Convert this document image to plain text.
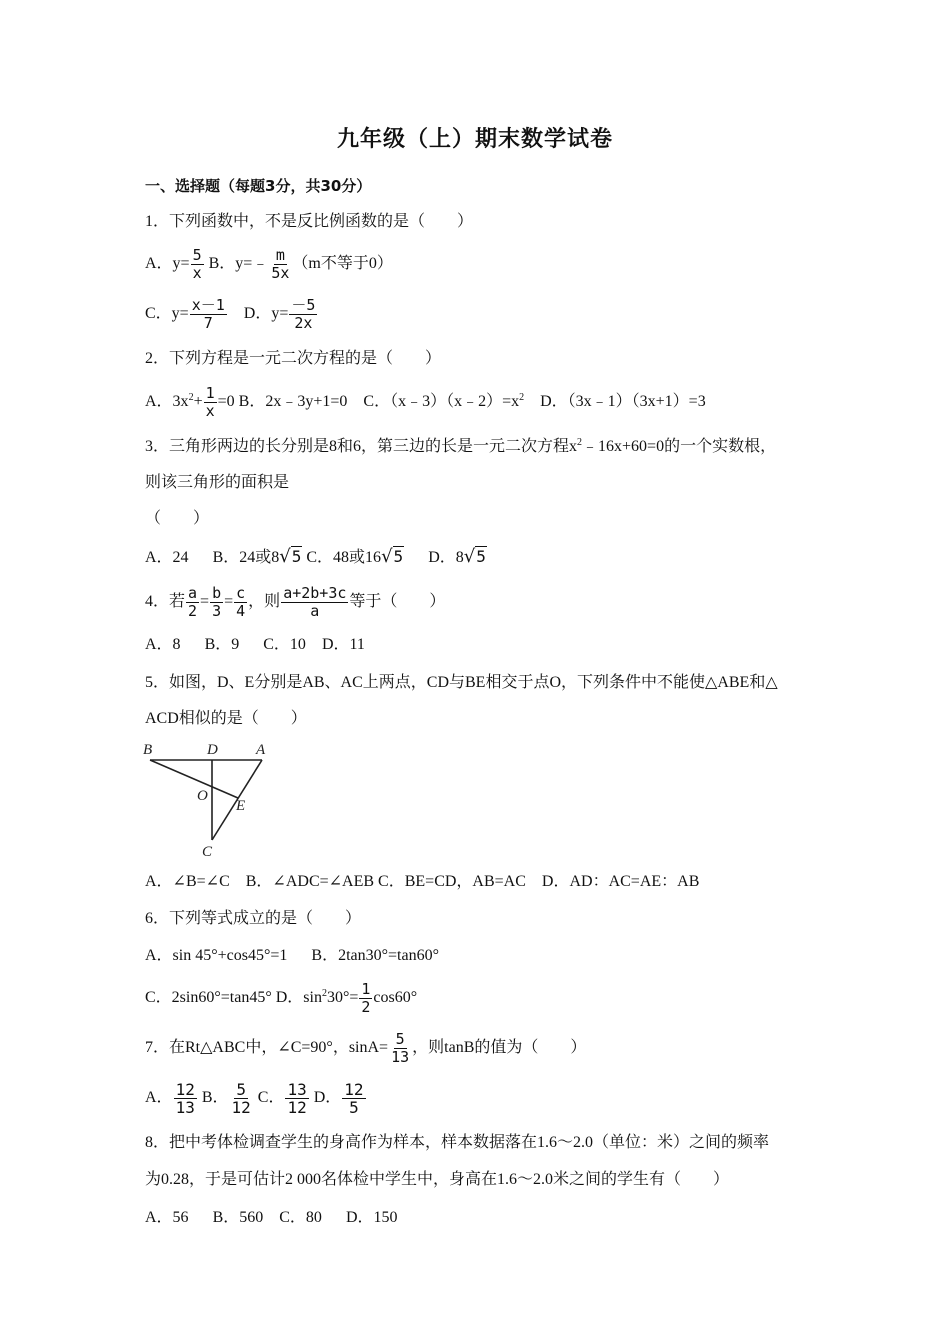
九年级（上）期末数学试卷
一、选择题（每题3分，共30分）
1．下列函数中，不是反比例函数的是（　　）
A．$y= \frac{5}{x}$ B．y=﹣ $\frac{m}{5x} (m$不等于0）
C．$y= \frac{x-1}{7}$ D．$y= \frac{-5}{2x}$
2．下列方程是一元二次方程的是（　　）
A．$3x^2+ \frac{1}{x} =0$ B．2x﹣3y+1=0 C．$(x﹣3)(x﹣2)=x^2$ D．（3x﹣1）（3x+1）=3
3．三角形两边的长分别是8和6，第三边的长是一元二次方程$x^2﹣16x+60=0$的一个实数根，
则该三角形的面积是
（　　）
A．24 B．24或8√5 C．48或16√5 D．8√5
4．若 $\frac{a}{2} = \frac{b}{3} = \frac{c}{4}$ ，则 $\frac{a+2b+3c}{a}$ 等于（　　）
A．8 B．9 C．10 D．11
5．如图，D、E分别是AB、AC上两点，CD与BE相交于点O，下列条件中不能使△ABE和△
ACD相似的是（　　）
B	D	A
O
E
C
A．∠B=∠C B．∠ADC=∠AEB C．BE=CD，AB=AC D．AD：AC=AE：AB
6．下列等式成立的是（　　）
A．sin 45°+cos45°=1 B．2tan30°=tan60°
C．2sin60°=tan45° D．$\sin^230^\circ= \frac{1}{2} \cos 60^\circ$
7．在Rt△ABC中，∠C=90°，$\sin A= \frac{5}{13}$ ，则tanB的值为（　　）
A． $\frac{12}{13}$ B． $\frac{5}{12}$ C． $\frac{13}{12}$ D． $\frac{12}{5}$
8．把中考体检调查学生的身高作为样本，样本数据落在1.6～2.0（单位：米）之间的频率
为0.28，于是可估计2 000名体检中学生中，身高在1.6～2.0米之间的学生有（　　）
A．56 B．560 C．80 D．150
